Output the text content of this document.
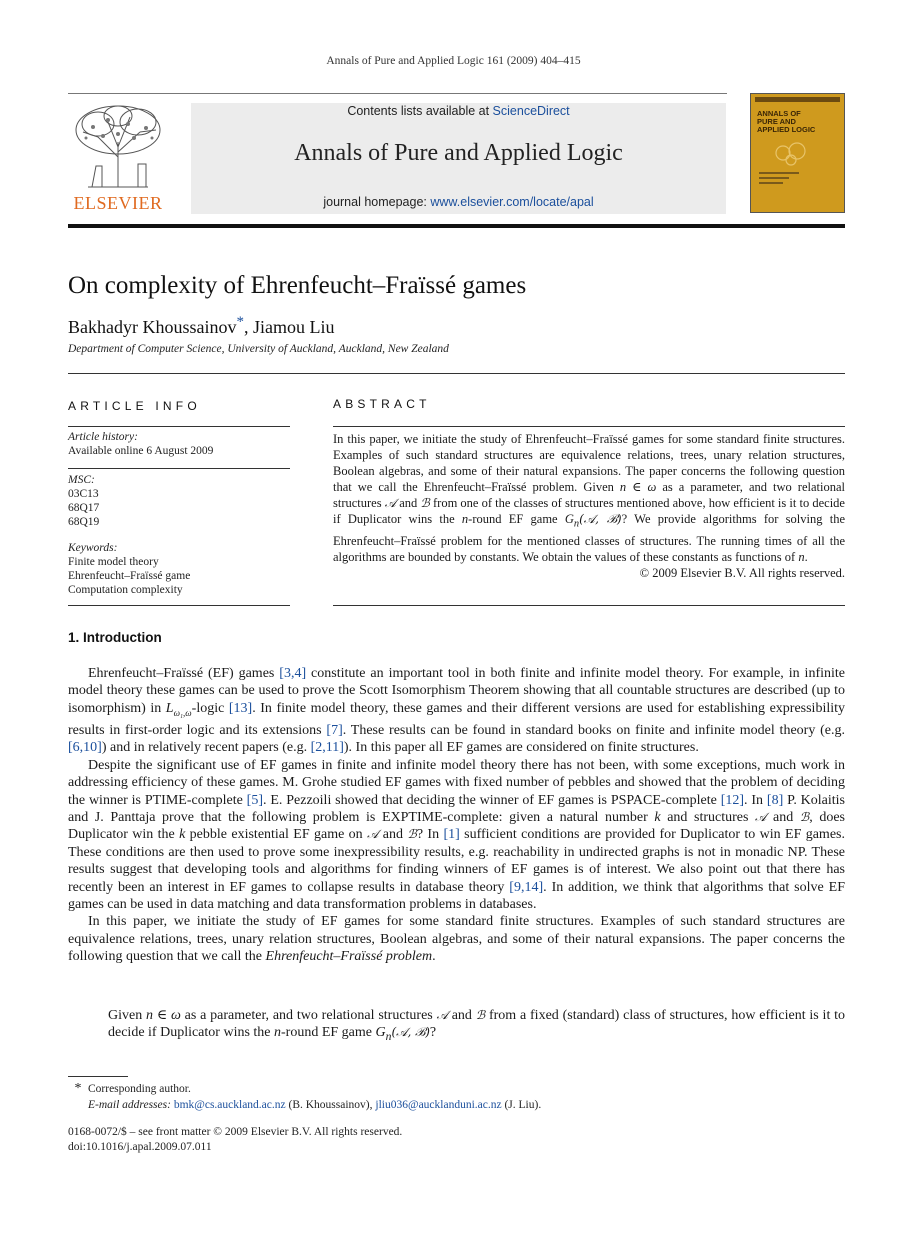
Annals of Pure and Applied Logic 161 (2009) 404–415
ELSEVIER
Contents lists available at ScienceDirect
Annals of Pure and Applied Logic
journal homepage: www.elsevier.com/locate/apal
ANNALS OF
PURE AND
APPLIED LOGIC
On complexity of Ehrenfeucht–Fraïssé games
Bakhadyr Khoussainov*, Jiamou Liu
Department of Computer Science, University of Auckland, Auckland, New Zealand
ARTICLE INFO
Article history:
Available online 6 August 2009
MSC:
03C13
68Q17
68Q19
Keywords:
Finite model theory
Ehrenfeucht–Fraïssé game
Computation complexity
ABSTRACT
In this paper, we initiate the study of Ehrenfeucht–Fraïssé games for some standard finite structures. Examples of such standard structures are equivalence relations, trees, unary relation structures, Boolean algebras, and some of their natural expansions. The paper concerns the following question that we call the Ehrenfeucht–Fraïssé problem. Given n ∈ ω as a parameter, and two relational structures 𝒜 and ℬ from one of the classes of structures mentioned above, how efficient is it to decide if Duplicator wins the n-round EF game $G_n(𝒜$, ℬ)? We provide algorithms for solving the Ehrenfeucht–Fraïssé problem for the mentioned classes of structures. The running times of all the algorithms are bounded by constants. We obtain the values of these constants as functions of n.
© 2009 Elsevier B.V. All rights reserved.
1. Introduction

Ehrenfeucht–Fraïssé (EF) games [3,4] constitute an important tool in both finite and infinite model theory. For example, in infinite model theory these games can be used to prove the Scott Isomorphism Theorem showing that all countable structures are described (up to isomorphism) in $L_{\omega_1,\omega}$-logic [13]. In finite model theory, these games and their different versions are used for establishing expressibility results in first-order logic and its extensions [7]. These results can be found in standard books on finite and infinite model theory (e.g. [6,10]) and in relatively recent papers (e.g. [2,11]). In this paper all EF games are considered on finite structures.

Despite the significant use of EF games in finite and infinite model theory there has not been, with some exceptions, much work in addressing efficiency of these games. M. Grohe studied EF games with fixed number of pebbles and showed that the problem of deciding the winner is PTIME-complete [5]. E. Pezzoili showed that deciding the winner of EF games is PSPACE-complete [12]. In [8] P. Kolaitis and J. Panttaja prove that the following problem is EXPTIME-complete: given a natural number k and structures 𝒜 and ℬ, does Duplicator win the k pebble existential EF game on 𝒜 and ℬ? In [1] sufficient conditions are provided for Duplicator to win EF games. These conditions are then used to prove some inexpressibility results, e.g. reachability in undirected graphs is not in monadic NP. These results suggest that developing tools and algorithms for finding winners of EF games is of interest. We also point out that there has recently been an interest in EF games to collapse results in database theory [9,14]. In addition, we think that algorithms that solve EF games can be used in data matching and data transformation problems in databases.

In this paper, we initiate the study of EF games for some standard finite structures. Examples of such standard structures are equivalence relations, trees, unary relation structures, Boolean algebras, and some of their natural expansions. The paper concerns the following question that we call the Ehrenfeucht–Fraïssé problem.

Given n ∈ ω as a parameter, and two relational structures 𝒜 and ℬ from a fixed (standard) class of structures, how efficient is it to decide if Duplicator wins the n-round EF game $G_n(𝒜$, ℬ)?
* Corresponding author.
E-mail addresses: bmk@cs.auckland.ac.nz (B. Khoussainov), jliu036@aucklanduni.ac.nz (J. Liu).
0168-0072/$ – see front matter © 2009 Elsevier B.V. All rights reserved.
doi:10.1016/j.apal.2009.07.011
